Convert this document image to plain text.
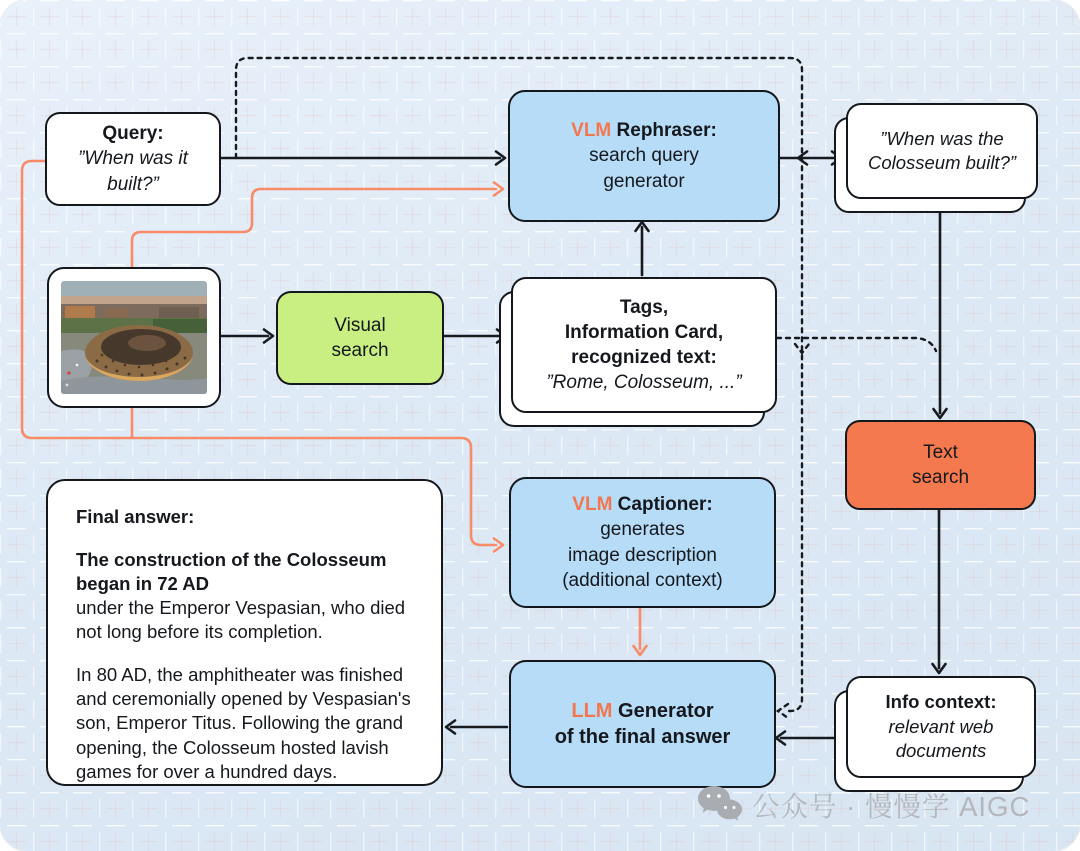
Query:
”When was it
built?”
VLM Rephraser:
search query
generator
”When was the
Colosseum built?”
Visual
search
Tags,
Information Card,
recognized text:
”Rome, Colosseum, ...”
Text
search
VLM Captioner:
generates
image description
(additional context)
LLM Generator
of the final answer
Info context:
relevant web
documents
Final answer:
The construction of the Colosseum began in 72 AD
under the Emperor Vespasian, who died not long before its completion.
In 80 AD, the amphitheater was finished and ceremonially opened by Vespasian's son, Emperor Titus. Following the grand opening, the Colosseum hosted lavish games for over a hundred days.
公众号 · 慢慢学 AIGC
